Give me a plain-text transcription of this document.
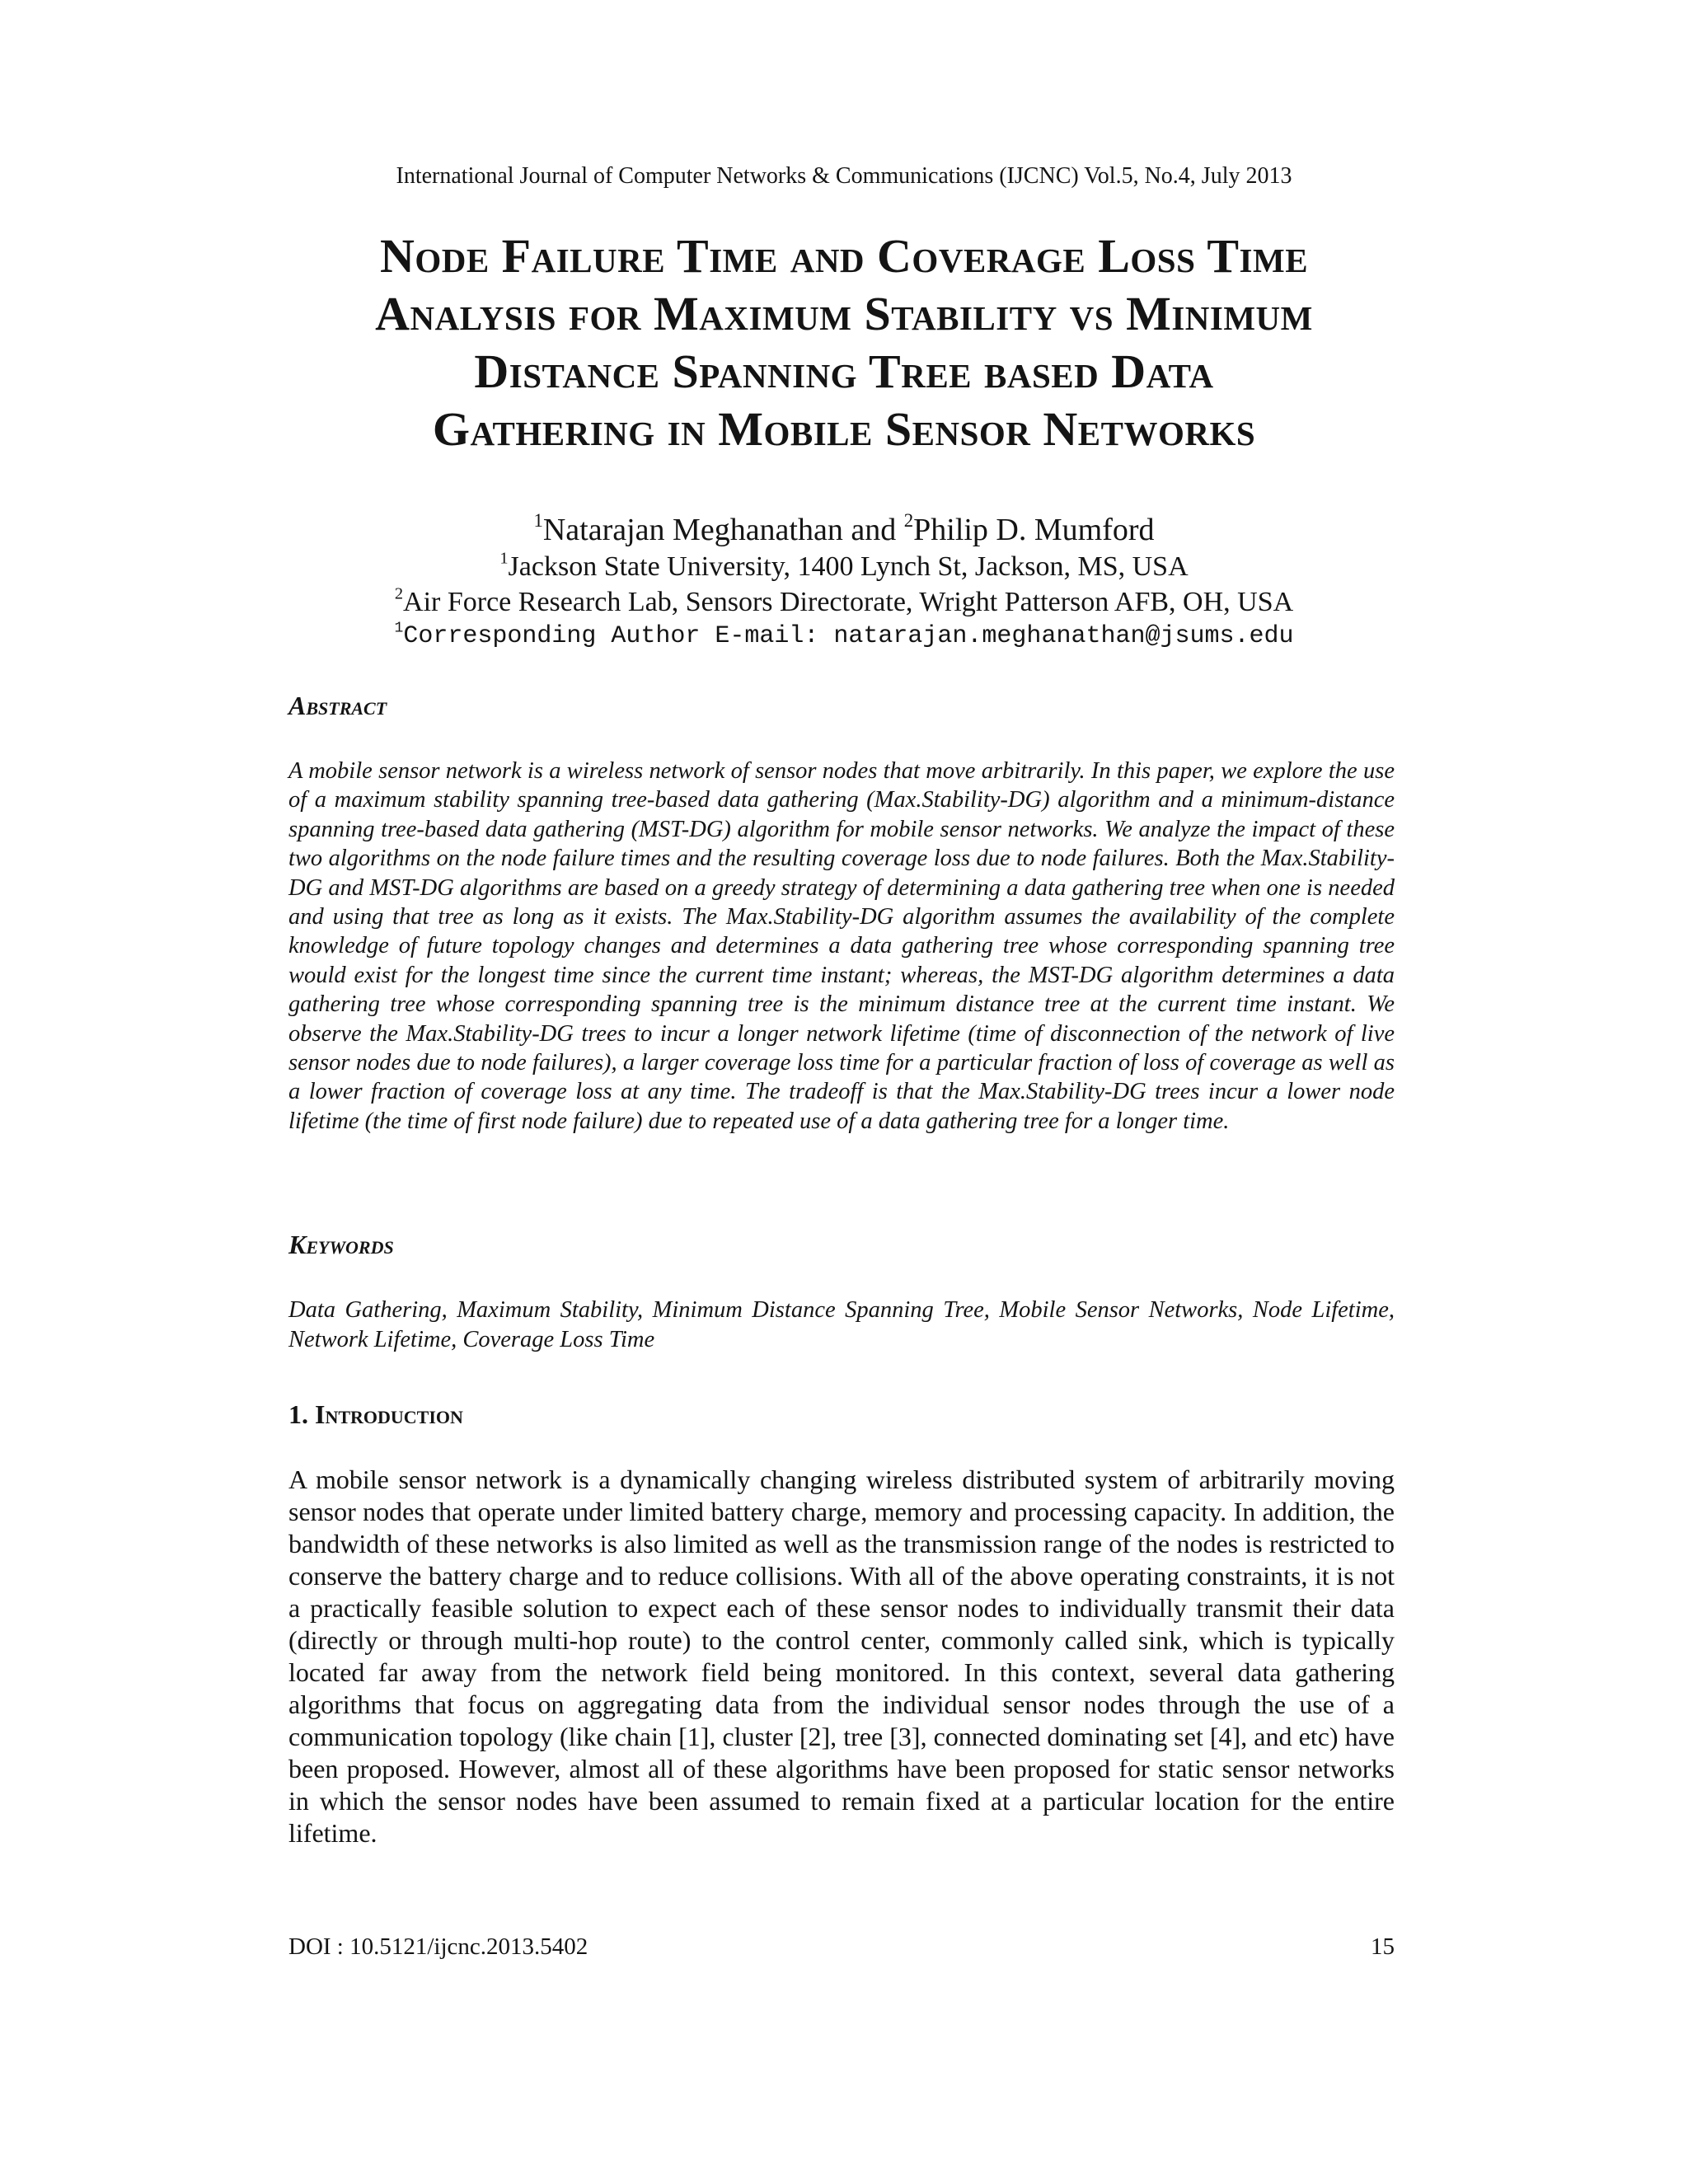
International Journal of Computer Networks & Communications (IJCNC) Vol.5, No.4, July 2013

Node Failure Time and Coverage Loss Time
Analysis for Maximum Stability vs Minimum
Distance Spanning Tree based Data
Gathering in Mobile Sensor Networks

$^1$Natarajan Meghanathan and $^2$Philip D. Mumford

$^1$Jackson State University, 1400 Lynch St, Jackson, MS, USA

$^2$Air Force Research Lab, Sensors Directorate, Wright Patterson AFB, OH, USA

$^1$Corresponding Author E-mail: natarajan.meghanathan@jsums.edu

Abstract

A mobile sensor network is a wireless network of sensor nodes that move arbitrarily. In this paper, we explore the use of a maximum stability spanning tree-based data gathering (Max.Stability-DG) algorithm and a minimum-distance spanning tree-based data gathering (MST-DG) algorithm for mobile sensor networks. We analyze the impact of these two algorithms on the node failure times and the resulting coverage loss due to node failures. Both the Max.Stability-DG and MST-DG algorithms are based on a greedy strategy of determining a data gathering tree when one is needed and using that tree as long as it exists. The Max.Stability-DG algorithm assumes the availability of the complete knowledge of future topology changes and determines a data gathering tree whose corresponding spanning tree would exist for the longest time since the current time instant; whereas, the MST-DG algorithm determines a data gathering tree whose corresponding spanning tree is the minimum distance tree at the current time instant. We observe the Max.Stability-DG trees to incur a longer network lifetime (time of disconnection of the network of live sensor nodes due to node failures), a larger coverage loss time for a particular fraction of loss of coverage as well as a lower fraction of coverage loss at any time. The tradeoff is that the Max.Stability-DG trees incur a lower node lifetime (the time of first node failure) due to repeated use of a data gathering tree for a longer time.

Keywords

Data Gathering, Maximum Stability, Minimum Distance Spanning Tree, Mobile Sensor Networks, Node Lifetime, Network Lifetime, Coverage Loss Time

1. Introduction

A mobile sensor network is a dynamically changing wireless distributed system of arbitrarily moving sensor nodes that operate under limited battery charge, memory and processing capacity. In addition, the bandwidth of these networks is also limited as well as the transmission range of the nodes is restricted to conserve the battery charge and to reduce collisions. With all of the above operating constraints, it is not a practically feasible solution to expect each of these sensor nodes to individually transmit their data (directly or through multi-hop route) to the control center, commonly called sink, which is typically located far away from the network field being monitored. In this context, several data gathering algorithms that focus on aggregating data from the individual sensor nodes through the use of a communication topology (like chain [1], cluster [2], tree [3], connected dominating set [4], and etc) have been proposed. However, almost all of these algorithms have been proposed for static sensor networks in which the sensor nodes have been assumed to remain fixed at a particular location for the entire lifetime.

DOI : 10.5121/ijcnc.2013.5402	15
